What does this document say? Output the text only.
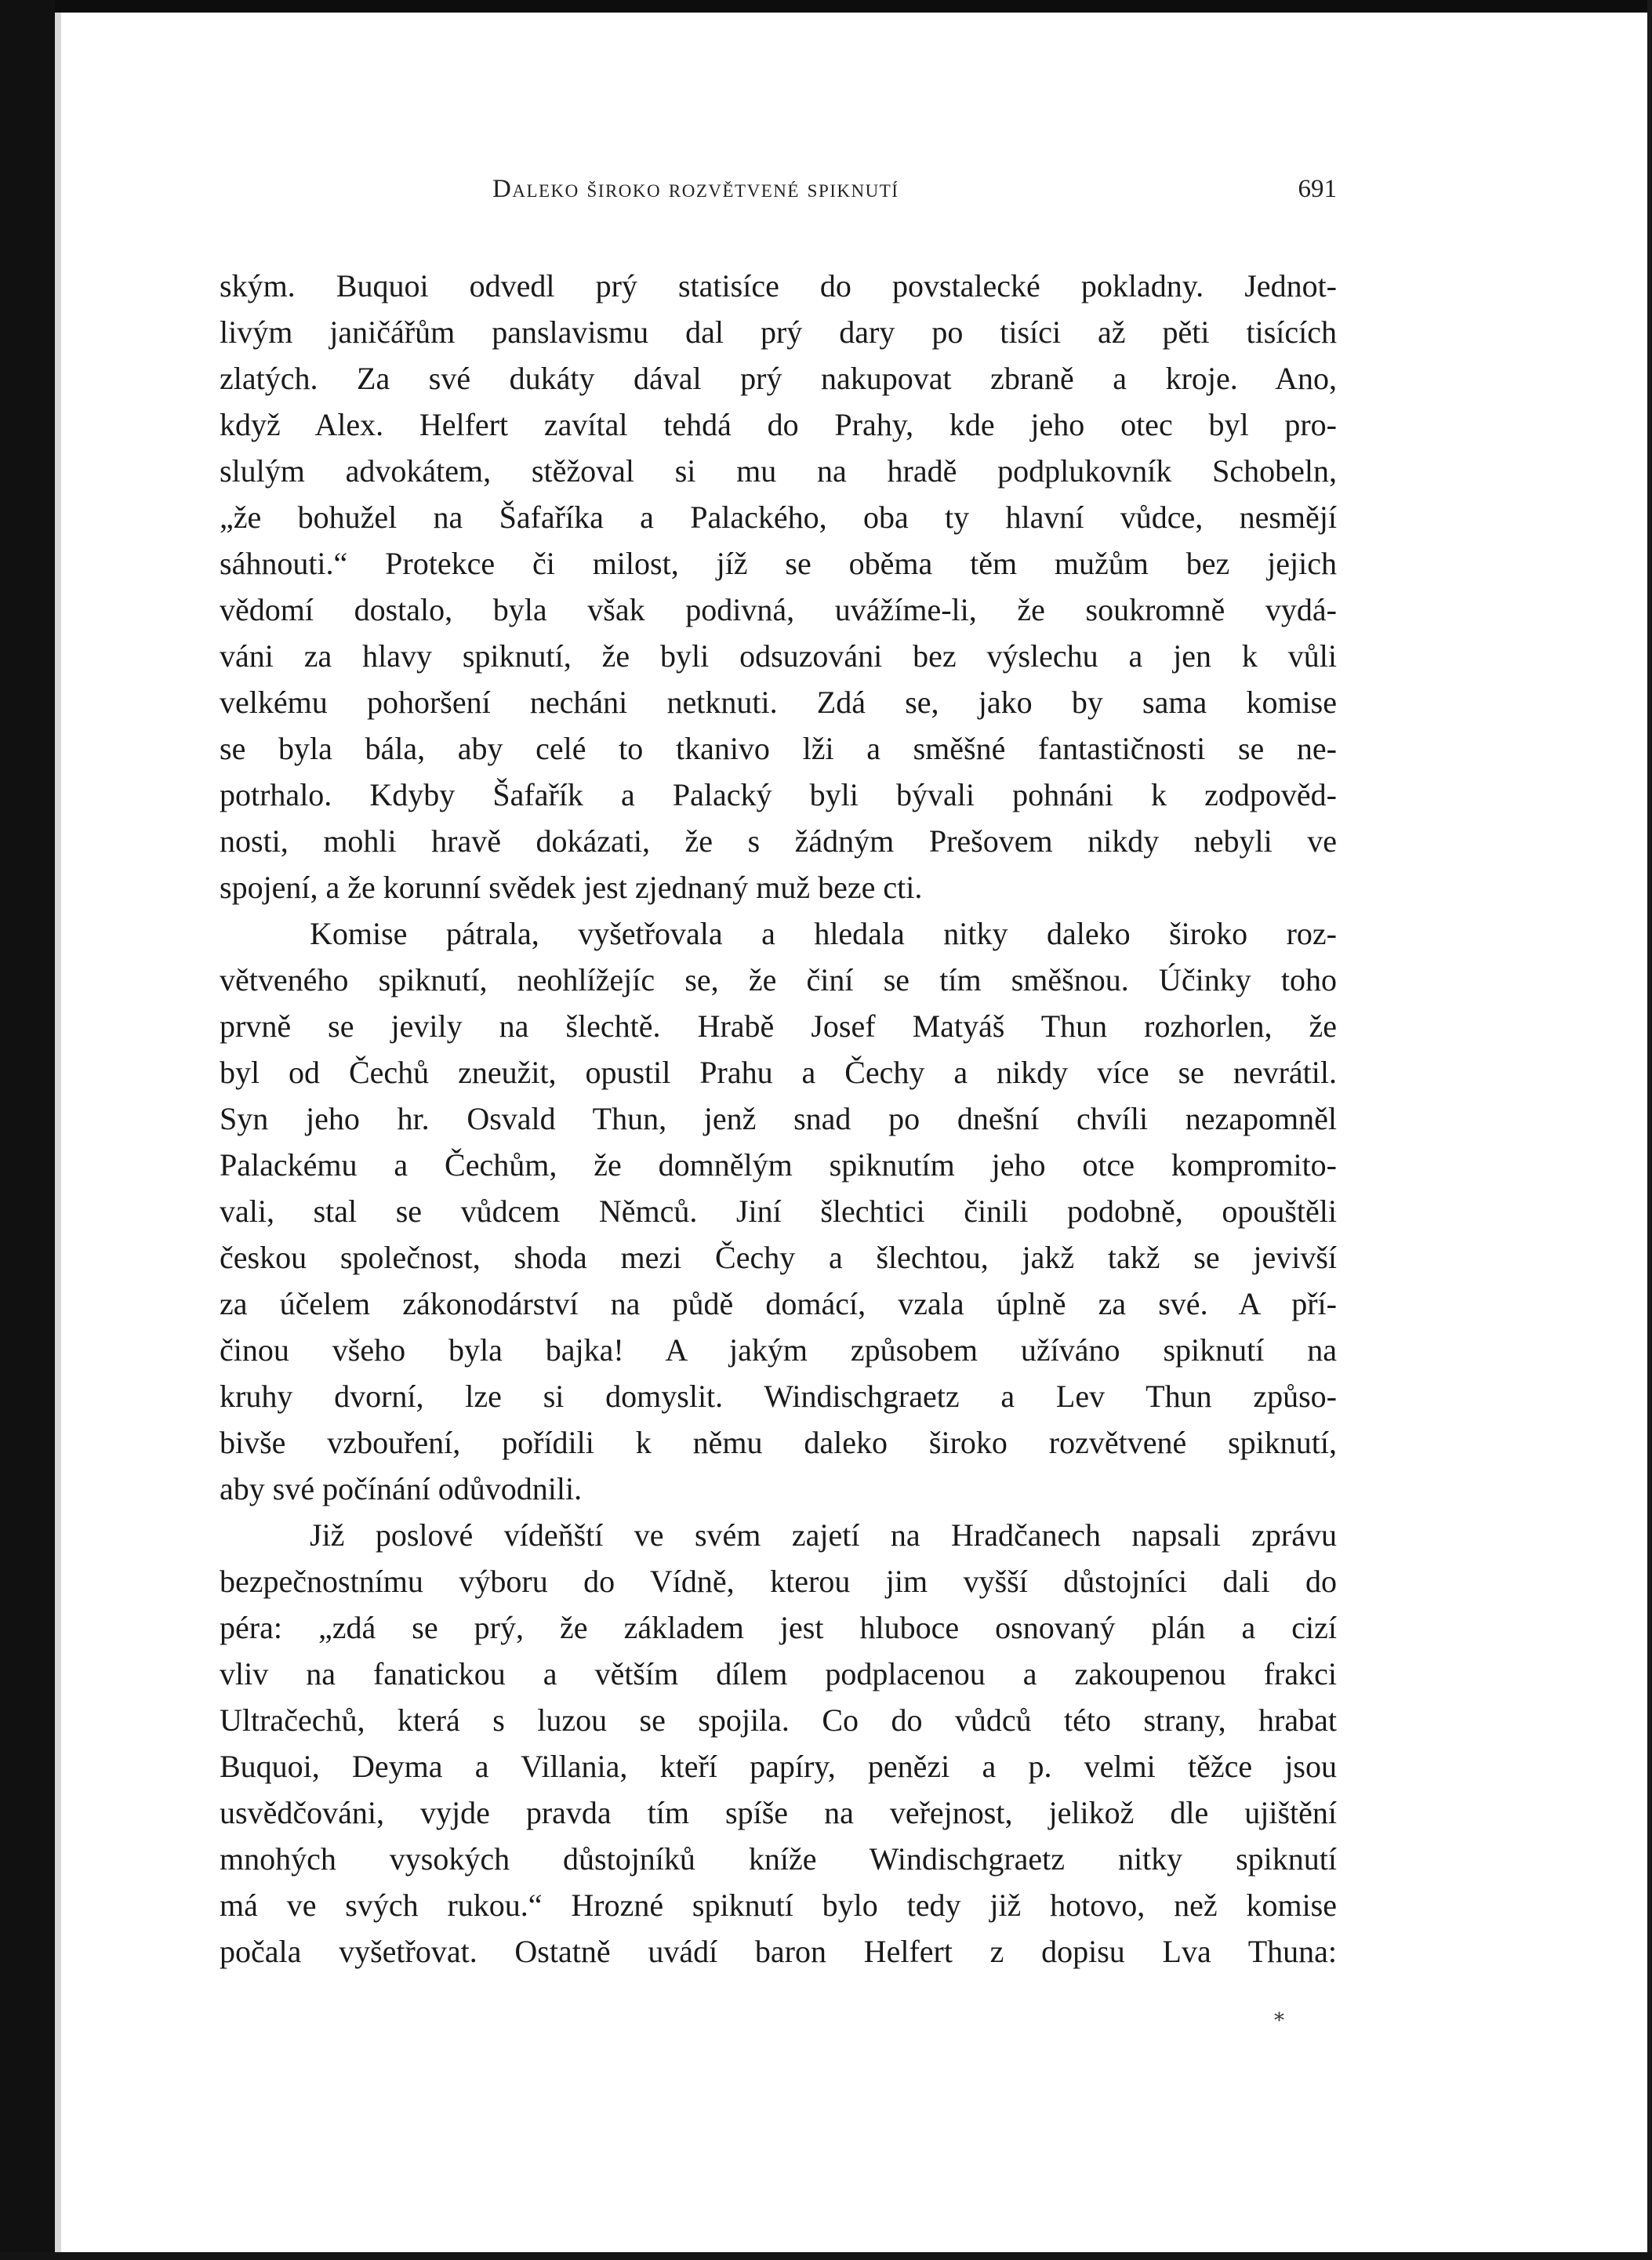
Daleko široko rozvětvené spiknutí	691
ským. Buquoi odvedl prý statisíce do povstalecké pokladny. Jednot-
livým janičářům panslavismu dal prý dary po tisíci až pěti tisících
zlatých. Za své dukáty dával prý nakupovat zbraně a kroje. Ano,
když Alex. Helfert zavítal tehdá do Prahy, kde jeho otec byl pro-
slulým advokátem, stěžoval si mu na hradě podplukovník Schobeln,
„že bohužel na Šafaříka a Palackého, oba ty hlavní vůdce, nesmějí
sáhnouti.“ Protekce či milost, jíž se oběma těm mužům bez jejich
vědomí dostalo, byla však podivná, uvážíme-li, že soukromně vydá-
váni za hlavy spiknutí, že byli odsuzováni bez výslechu a jen k vůli
velkému pohoršení necháni netknuti. Zdá se, jako by sama komise
se byla bála, aby celé to tkanivo lži a směšné fantastičnosti se ne-
potrhalo. Kdyby Šafařík a Palacký byli bývali pohnáni k zodpověd-
nosti, mohli hravě dokázati, že s žádným Prešovem nikdy nebyli ve
spojení, a že korunní svědek jest zjednaný muž beze cti.
Komise pátrala, vyšetřovala a hledala nitky daleko široko roz-
větveného spiknutí, neohlížejíc se, že činí se tím směšnou. Účinky toho
prvně se jevily na šlechtě. Hrabě Josef Matyáš Thun rozhorlen, že
byl od Čechů zneužit, opustil Prahu a Čechy a nikdy více se nevrátil.
Syn jeho hr. Osvald Thun, jenž snad po dnešní chvíli nezapomněl
Palackému a Čechům, že domnělým spiknutím jeho otce kompromito-
vali, stal se vůdcem Němců. Jiní šlechtici činili podobně, opouštěli
českou společnost, shoda mezi Čechy a šlechtou, jakž takž se jevivší
za účelem zákonodárství na půdě domácí, vzala úplně za své. A pří-
činou všeho byla bajka! A jakým způsobem užíváno spiknutí na
kruhy dvorní, lze si domyslit. Windischgraetz a Lev Thun způso-
bivše vzbouření, pořídili k němu daleko široko rozvětvené spiknutí,
aby své počínání odůvodnili.
Již poslové vídeňští ve svém zajetí na Hradčanech napsali zprávu
bezpečnostnímu výboru do Vídně, kterou jim vyšší důstojníci dali do
péra: „zdá se prý, že základem jest hluboce osnovaný plán a cizí
vliv na fanatickou a větším dílem podplacenou a zakoupenou frakci
Ultračechů, která s luzou se spojila. Co do vůdců této strany, hrabat
Buquoi, Deyma a Villania, kteří papíry, penězi a p. velmi těžce jsou
usvědčováni, vyjde pravda tím spíše na veřejnost, jelikož dle ujištění
mnohých vysokých důstojníků kníže Windischgraetz nitky spiknutí
má ve svých rukou.“ Hrozné spiknutí bylo tedy již hotovo, než komise
počala vyšetřovat. Ostatně uvádí baron Helfert z dopisu Lva Thuna:
*
